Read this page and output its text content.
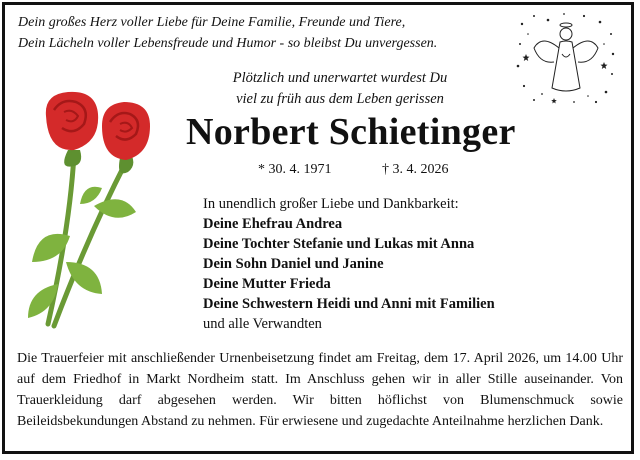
Dein großes Herz voller Liebe für Deine Familie, Freunde und Tiere,
Dein Lächeln voller Lebensfreude und Humor - so bleibst Du unvergessen.
Plötzlich und unerwartet wurdest Du
viel zu früh aus dem Leben gerissen
Norbert Schietinger
* 30. 4. 1971	† 3. 4. 2026
In unendlich großer Liebe und Dankbarkeit:
Deine Ehefrau Andrea
Deine Tochter Stefanie und Lukas mit Anna
Dein Sohn Daniel und Janine
Deine Mutter Frieda
Deine Schwestern Heidi und Anni mit Familien
und alle Verwandten
Die Trauerfeier mit anschließender Urnenbeisetzung findet am Freitag, dem 17. April 2026, um 14.00 Uhr auf dem Friedhof in Markt Nordheim statt. Im Anschluss gehen wir in aller Stille auseinander. Von Trauerkleidung darf abgesehen werden. Wir bitten höflichst von Blumenschmuck sowie Beileidsbekundungen Abstand zu nehmen. Für erwiesene und zugedachte Anteilnahme herzlichen Dank.
